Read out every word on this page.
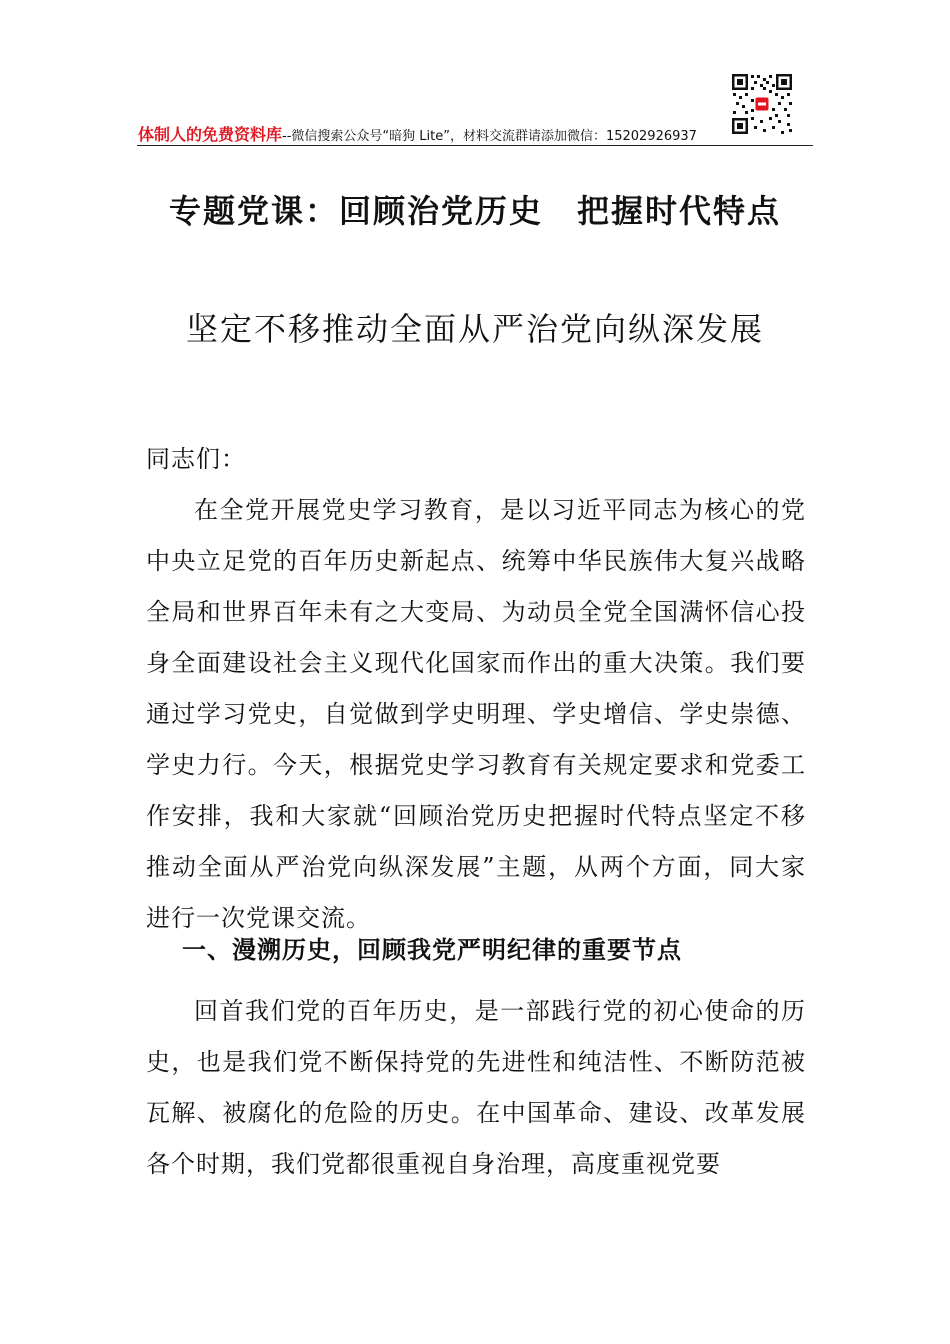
体制人的免费资料库--微信搜索公众号“暗狗 Lite”，材料交流群请添加微信：15202926937
专题党课：回顾治党历史　把握时代特点
坚定不移推动全面从严治党向纵深发展
同志们：
在全党开展党史学习教育，是以习近平同志为核心的党中央立足党的百年历史新起点、统筹中华民族伟大复兴战略全局和世界百年未有之大变局、为动员全党全国满怀信心投身全面建设社会主义现代化国家而作出的重大决策。我们要通过学习党史，自觉做到学史明理、学史增信、学史崇德、学史力行。今天，根据党史学习教育有关规定要求和党委工作安排，我和大家就“回顾治党历史把握时代特点坚定不移推动全面从严治党向纵深发展”主题，从两个方面，同大家进行一次党课交流。
一、漫溯历史，回顾我党严明纪律的重要节点
回首我们党的百年历史，是一部践行党的初心使命的历史，也是我们党不断保持党的先进性和纯洁性、不断防范被瓦解、被腐化的危险的历史。在中国革命、建设、改革发展各个时期，我们党都很重视自身治理，高度重视党要
